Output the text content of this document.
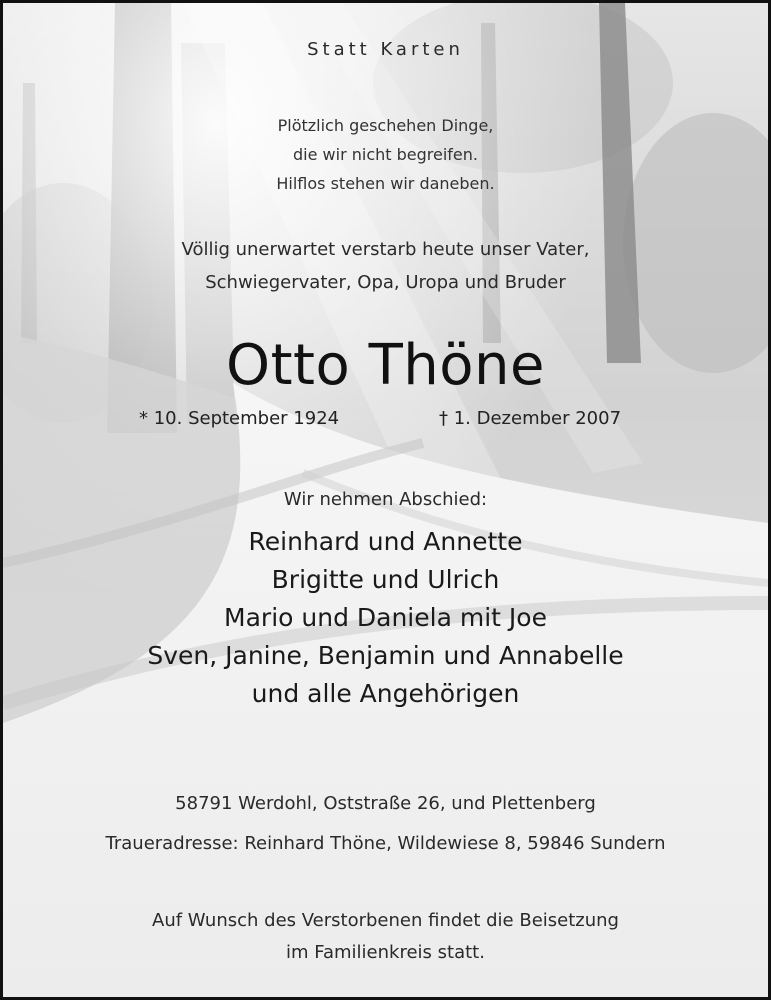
Statt Karten
Plötzlich geschehen Dinge,
die wir nicht begreifen.
Hilflos stehen wir daneben.
Völlig unerwartet verstarb heute unser Vater,
Schwiegervater, Opa, Uropa und Bruder
Otto Thöne
* 10. September 1924	† 1. Dezember 2007
Wir nehmen Abschied:
Reinhard und Annette
Brigitte und Ulrich
Mario und Daniela mit Joe
Sven, Janine, Benjamin und Annabelle
und alle Angehörigen
58791 Werdohl, Oststraße 26, und Plettenberg
Traueradresse: Reinhard Thöne, Wildewiese 8, 59846 Sundern
Auf Wunsch des Verstorbenen findet die Beisetzung
im Familienkreis statt.
